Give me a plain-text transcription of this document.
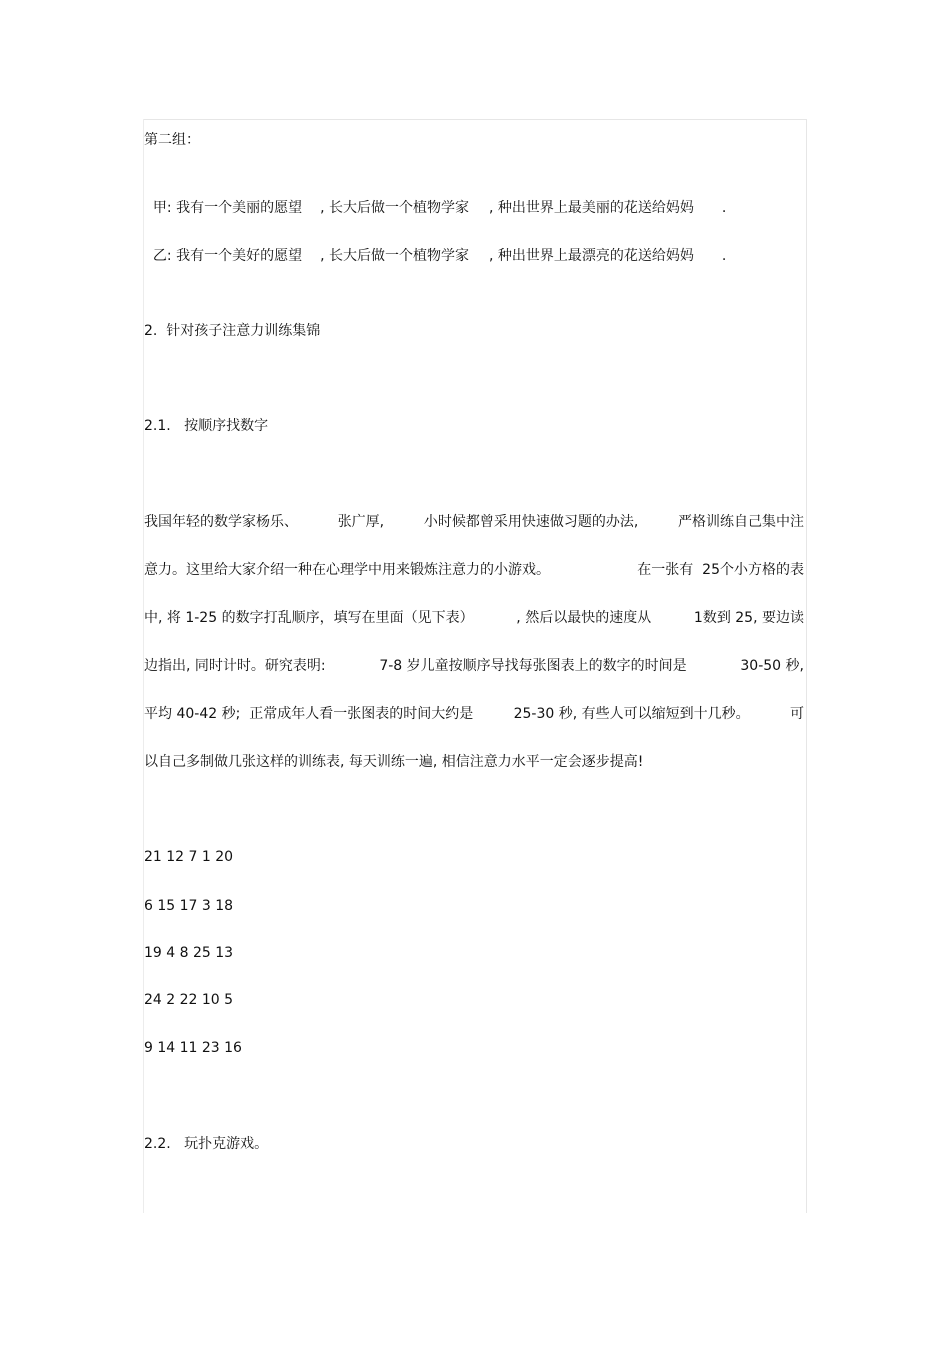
第二组：

甲: 我有一个美丽的愿望 , 长大后做一个植物学家 , 种出世界上最美丽的花送给妈妈 .

乙: 我有一个美好的愿望 , 长大后做一个植物学家 , 种出世界上最漂亮的花送给妈妈 .

2.  针对孩子注意力训练集锦

2.1.   按顺序找数字

我国年轻的数学家杨乐、	张广厚,	小时候都曾采用快速做习题的办法,	严格训练自己集中注
意力。这里给大家介绍一种在心理学中用来锻炼注意力的小游戏。	在一张有  25个小方格的表
中, 将 1-25 的数字打乱顺序，填写在里面（见下表）	, 然后以最快的速度从	1数到 25, 要边读
边指出, 同时计时。研究表明:	7-8 岁儿童按顺序导找每张图表上的数字的时间是	30-50 秒,
平均 40-42 秒;  正常成年人看一张图表的时间大约是	25-30 秒, 有些人可以缩短到十几秒。	可

以自己多制做几张这样的训练表, 每天训练一遍, 相信注意力水平一定会逐步提高!

21 12 7 1 20

6 15 17 3 18

19 4 8 25 13

24 2 22 10 5

9 14 11 23 16

2.2.   玩扑克游戏。
